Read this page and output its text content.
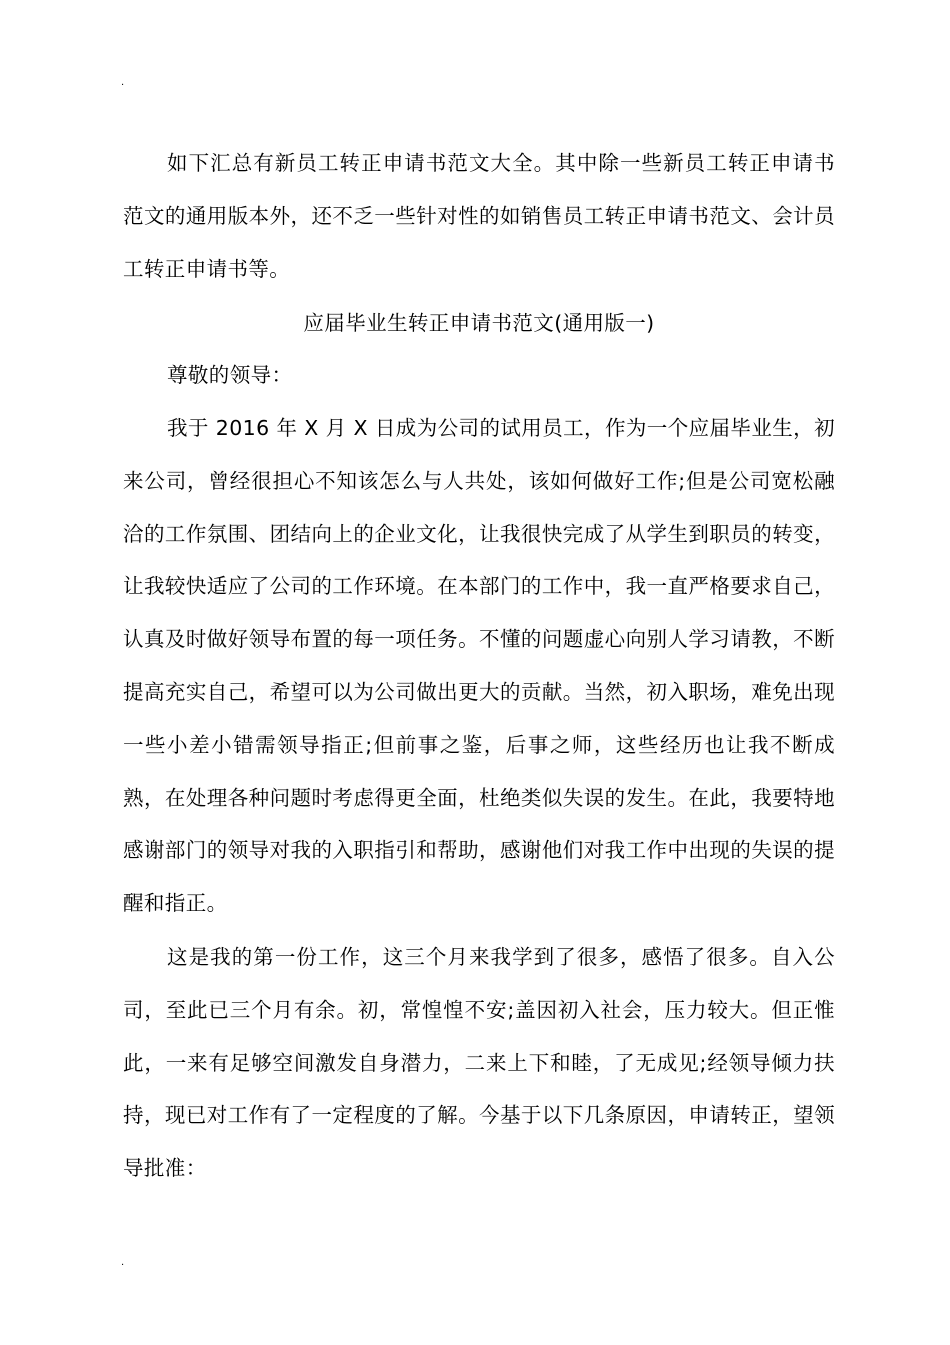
.

如下汇总有新员工转正申请书范文大全。其中除一些新员工转正申请书范文的通用版本外，还不乏一些针对性的如销售员工转正申请书范文、会计员工转正申请书等。

应届毕业生转正申请书范文(通用版一)

尊敬的领导：

我于 2016 年 X 月 X 日成为公司的试用员工，作为一个应届毕业生，初来公司，曾经很担心不知该怎么与人共处，该如何做好工作;但是公司宽松融洽的工作氛围、团结向上的企业文化，让我很快完成了从学生到职员的转变，让我较快适应了公司的工作环境。在本部门的工作中，我一直严格要求自己，认真及时做好领导布置的每一项任务。不懂的问题虚心向别人学习请教，不断提高充实自己，希望可以为公司做出更大的贡献。当然，初入职场，难免出现一些小差小错需领导指正;但前事之鉴，后事之师，这些经历也让我不断成熟，在处理各种问题时考虑得更全面，杜绝类似失误的发生。在此，我要特地感谢部门的领导对我的入职指引和帮助，感谢他们对我工作中出现的失误的提醒和指正。

这是我的第一份工作，这三个月来我学到了很多，感悟了很多。自入公司，至此已三个月有余。初，常惶惶不安;盖因初入社会，压力较大。但正惟此，一来有足够空间激发自身潜力，二来上下和睦，了无成见;经领导倾力扶持，现已对工作有了一定程度的了解。今基于以下几条原因，申请转正，望领导批准：

.
